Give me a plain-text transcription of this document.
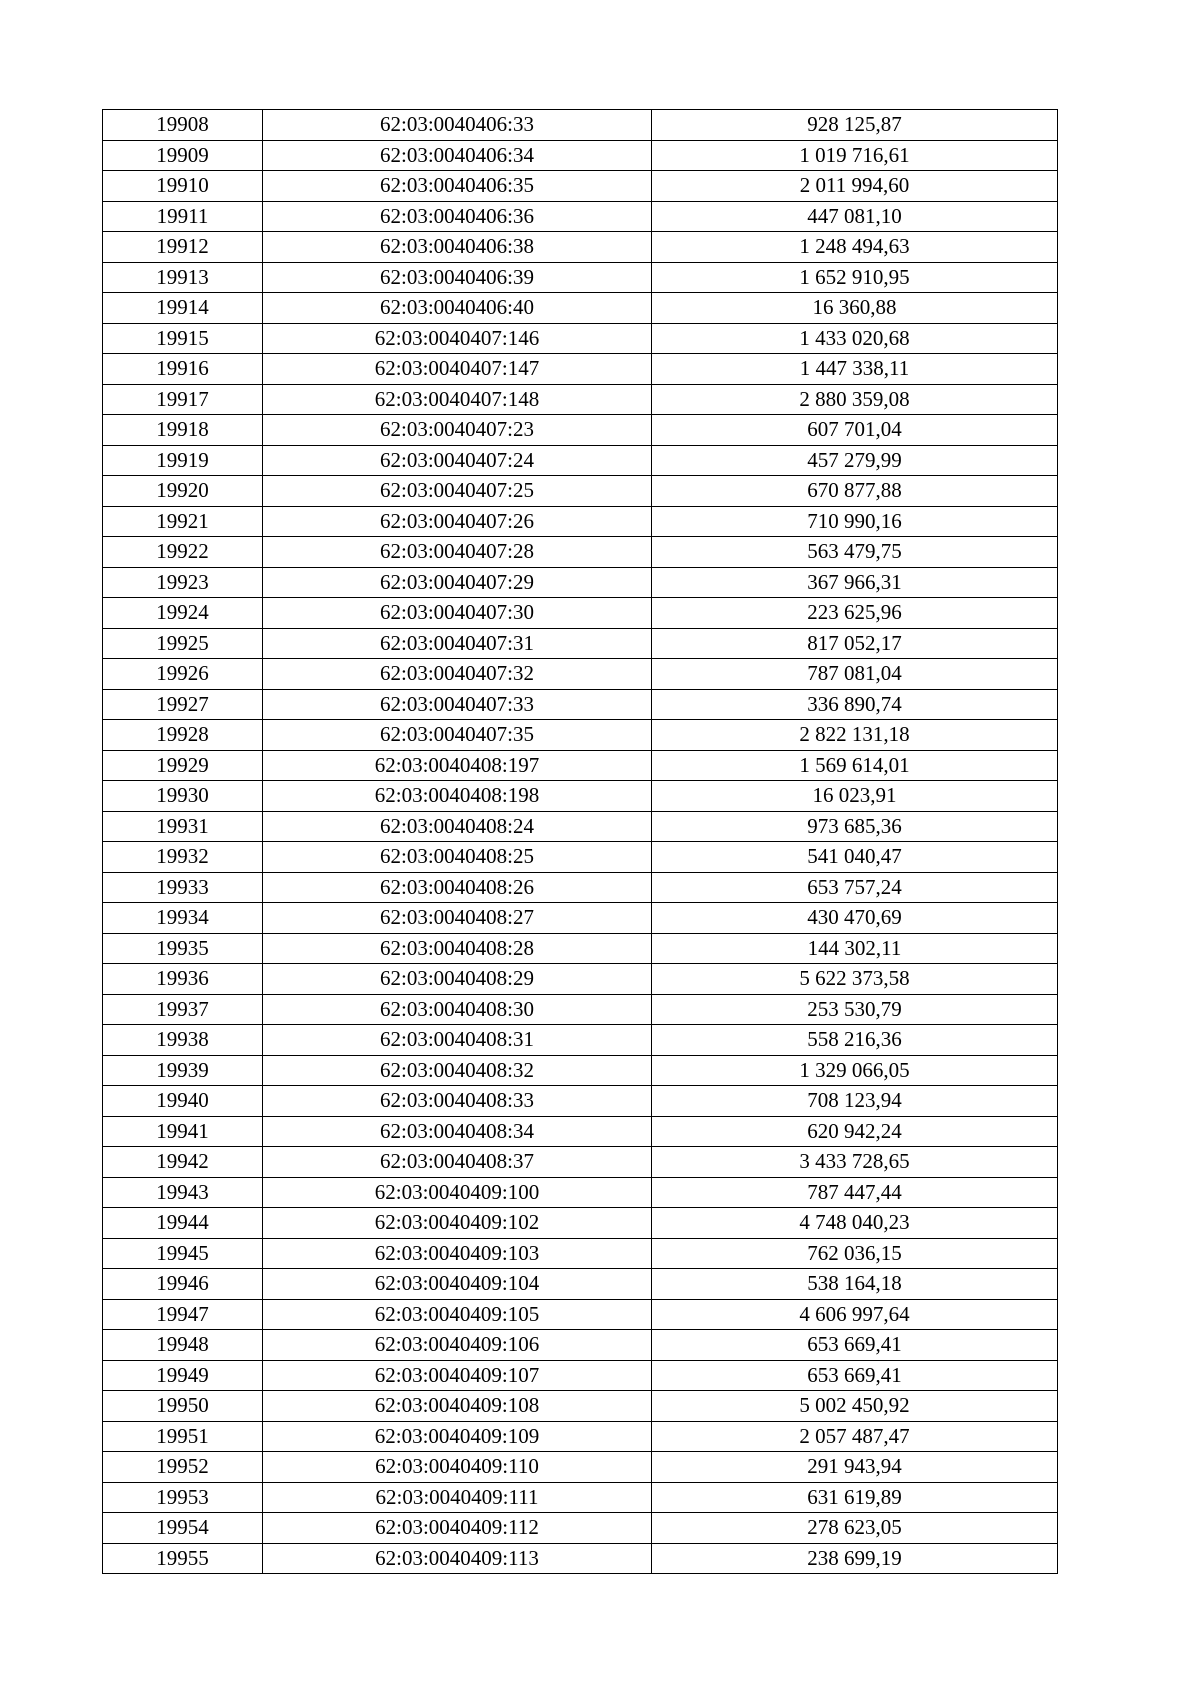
19908	62:03:0040406:33	928 125,87
19909	62:03:0040406:34	1 019 716,61
19910	62:03:0040406:35	2 011 994,60
19911	62:03:0040406:36	447 081,10
19912	62:03:0040406:38	1 248 494,63
19913	62:03:0040406:39	1 652 910,95
19914	62:03:0040406:40	16 360,88
19915	62:03:0040407:146	1 433 020,68
19916	62:03:0040407:147	1 447 338,11
19917	62:03:0040407:148	2 880 359,08
19918	62:03:0040407:23	607 701,04
19919	62:03:0040407:24	457 279,99
19920	62:03:0040407:25	670 877,88
19921	62:03:0040407:26	710 990,16
19922	62:03:0040407:28	563 479,75
19923	62:03:0040407:29	367 966,31
19924	62:03:0040407:30	223 625,96
19925	62:03:0040407:31	817 052,17
19926	62:03:0040407:32	787 081,04
19927	62:03:0040407:33	336 890,74
19928	62:03:0040407:35	2 822 131,18
19929	62:03:0040408:197	1 569 614,01
19930	62:03:0040408:198	16 023,91
19931	62:03:0040408:24	973 685,36
19932	62:03:0040408:25	541 040,47
19933	62:03:0040408:26	653 757,24
19934	62:03:0040408:27	430 470,69
19935	62:03:0040408:28	144 302,11
19936	62:03:0040408:29	5 622 373,58
19937	62:03:0040408:30	253 530,79
19938	62:03:0040408:31	558 216,36
19939	62:03:0040408:32	1 329 066,05
19940	62:03:0040408:33	708 123,94
19941	62:03:0040408:34	620 942,24
19942	62:03:0040408:37	3 433 728,65
19943	62:03:0040409:100	787 447,44
19944	62:03:0040409:102	4 748 040,23
19945	62:03:0040409:103	762 036,15
19946	62:03:0040409:104	538 164,18
19947	62:03:0040409:105	4 606 997,64
19948	62:03:0040409:106	653 669,41
19949	62:03:0040409:107	653 669,41
19950	62:03:0040409:108	5 002 450,92
19951	62:03:0040409:109	2 057 487,47
19952	62:03:0040409:110	291 943,94
19953	62:03:0040409:111	631 619,89
19954	62:03:0040409:112	278 623,05
19955	62:03:0040409:113	238 699,19
